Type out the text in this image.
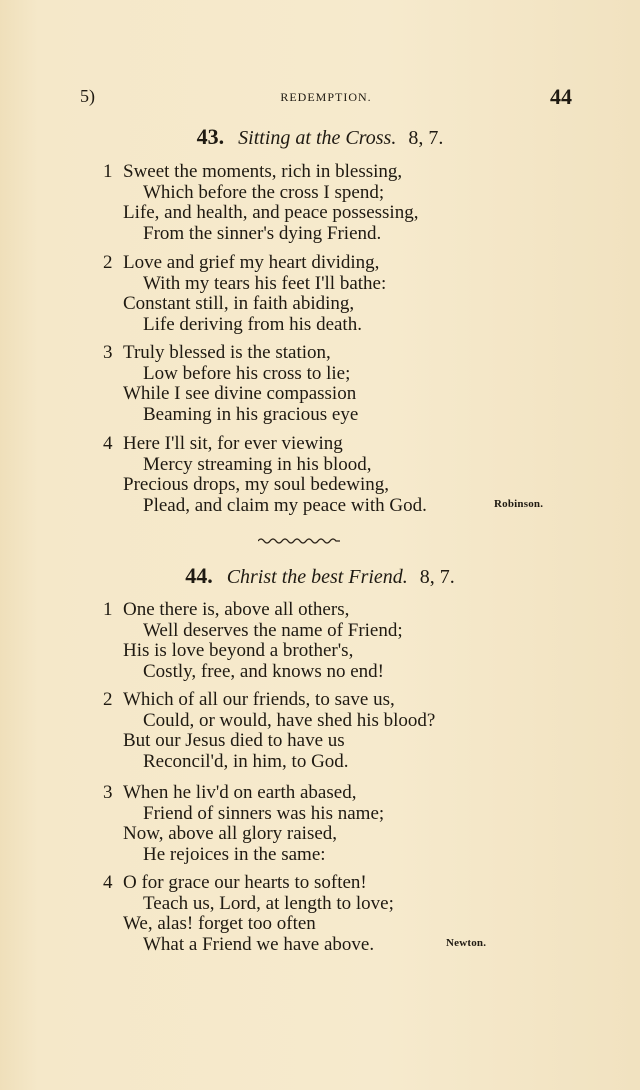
5)	REDEMPTION.	44
43. Sitting at the Cross. 8, 7.
1 Sweet the moments, rich in blessing,
Which before the cross I spend;
Life, and health, and peace possessing,
From the sinner's dying Friend.
2 Love and grief my heart dividing,
With my tears his feet I'll bathe:
Constant still, in faith abiding,
Life deriving from his death.
3 Truly blessed is the station,
Low before his cross to lie;
While I see divine compassion
Beaming in his gracious eye
4 Here I'll sit, for ever viewing
Mercy streaming in his blood,
Precious drops, my soul bedewing,
Plead, and claim my peace with God.	Robinson.
44. Christ the best Friend. 8, 7.
1 One there is, above all others,
Well deserves the name of Friend;
His is love beyond a brother's,
Costly, free, and knows no end!
2 Which of all our friends, to save us,
Could, or would, have shed his blood?
But our Jesus died to have us
Reconcil'd, in him, to God.
3 When he liv'd on earth abased,
Friend of sinners was his name;
Now, above all glory raised,
He rejoices in the same:
4 O for grace our hearts to soften!
Teach us, Lord, at length to love;
We, alas! forget too often
What a Friend we have above.	Newton.
